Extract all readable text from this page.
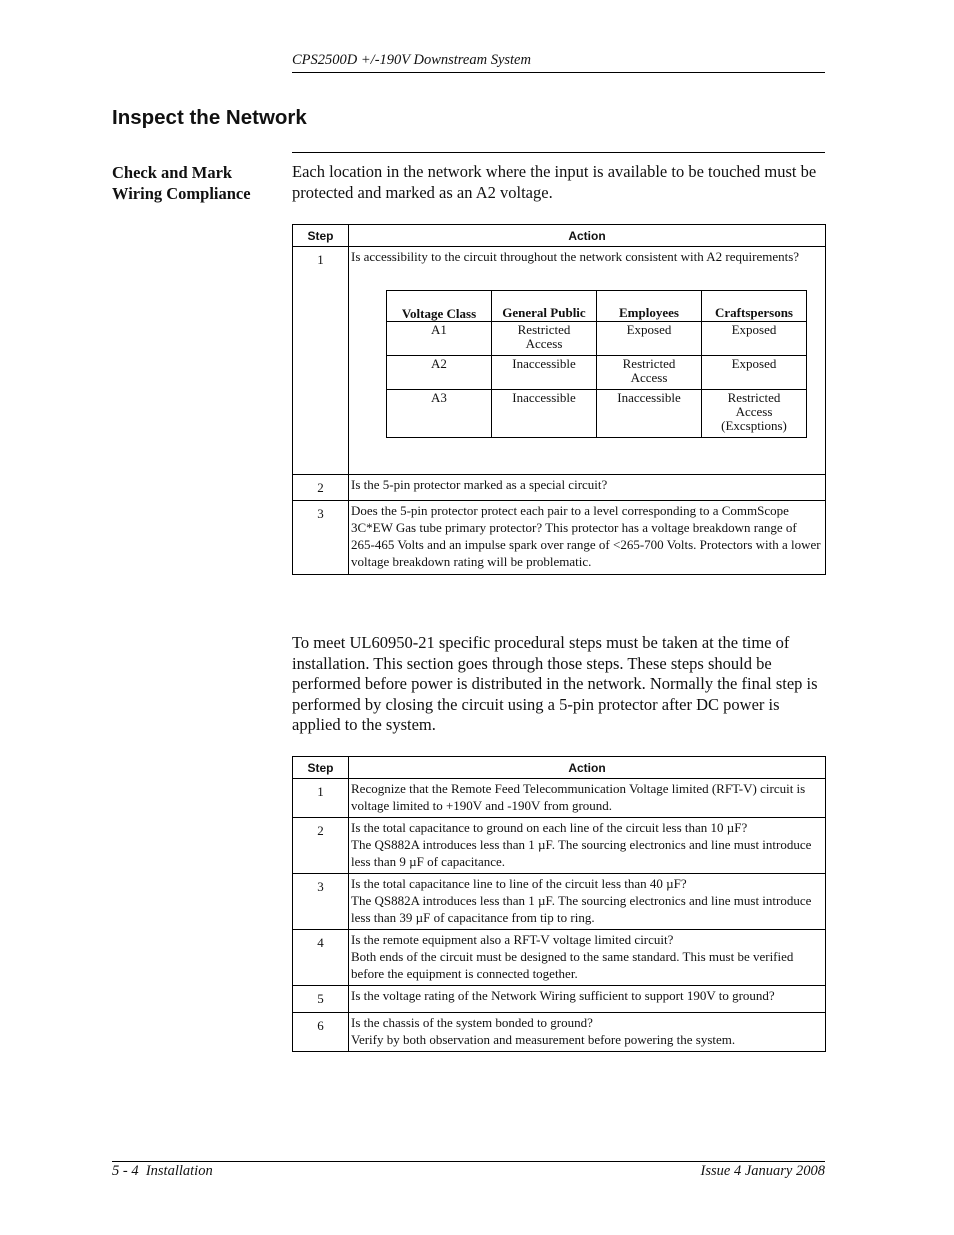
CPS2500D +/-190V Downstream System
Inspect the Network
Check and Mark Wiring Compliance
Each location in the network where the input is available to be touched must be protected and marked as an A2 voltage.
Step	Action
1	Is accessibility to the circuit throughout the network consistent with A2 requirements?
Voltage Class	General Public	Employees	Craftspersons
A1	Restricted Access	Exposed	Exposed
A2	Inaccessible	Restricted Access	Exposed
A3	Inaccessible	Inaccessible	Restricted Access (Excsptions)

2	Is the 5-pin protector marked as a special circuit?
3	Does the 5-pin protector protect each pair to a level corresponding to a CommScope 3C*EW Gas tube primary protector? This protector has a voltage breakdown range of 265-465 Volts and an impulse spark over range of <265-700 Volts. Protectors with a lower voltage breakdown rating will be problematic.
To meet UL60950-21 specific procedural steps must be taken at the time of installation. This section goes through those steps. These steps should be performed before power is distributed in the network. Normally the final step is performed by closing the circuit using a 5-pin protector after DC power is applied to the system.
Step	Action
1	Recognize that the Remote Feed Telecommunication Voltage limited (RFT-V) circuit is voltage limited to +190V and -190V from ground.

2	Is the total capacitance to ground on each line of the circuit less than 10 µF?
The QS882A introduces less than 1 µF. The sourcing electronics and line must introduce less than 9 µF of capacitance.

3	Is the total capacitance line to line of the circuit less than 40 µF?
The QS882A introduces less than 1 µF. The sourcing electronics and line must introduce less than 39 µF of capacitance from tip to ring.

4	Is the remote equipment also a RFT-V voltage limited circuit?
Both ends of the circuit must be designed to the same standard. This must be verified before the equipment is connected together.

5	Is the voltage rating of the Network Wiring sufficient to support 190V to ground?

6	Is the chassis of the system bonded to ground?
Verify by both observation and measurement before powering the system.
5 - 4  Installation	Issue 4 January 2008
